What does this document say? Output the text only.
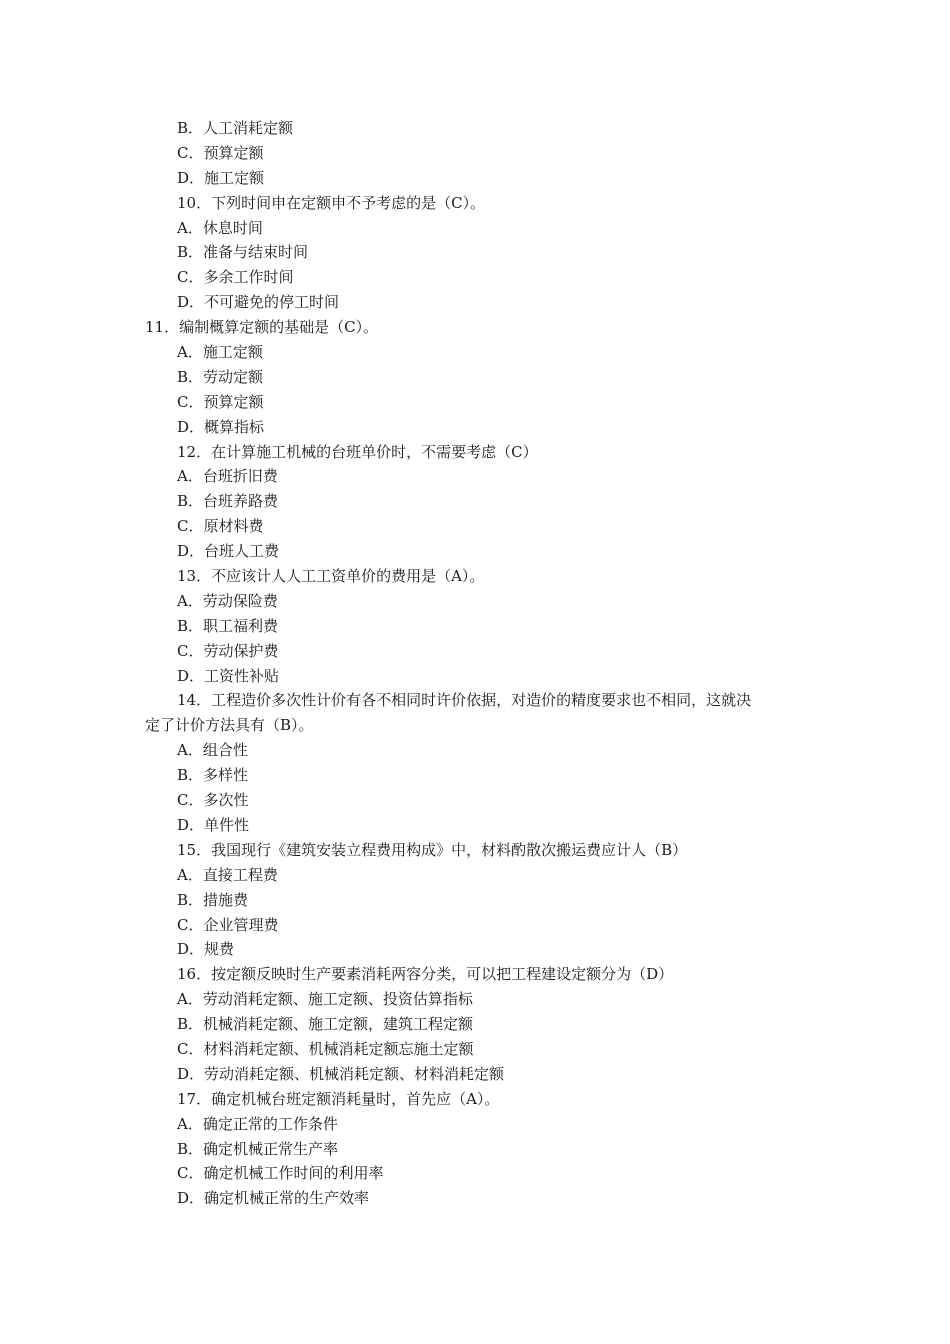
B．人工消耗定额
C．预算定额
D．施工定额
10．下列时间申在定额申不予考虑的是（C）。
A．休息时间
B．准备与结束时间
C．多余工作时间
D．不可避免的停工时间
11．编制概算定额的基础是（C）。
A．施工定额
B．劳动定额
C．预算定额
D．概算指标
12．在计算施工机械的台班单价时，不需要考虑（C）
A．台班折旧费
B．台班养路费
C．原材料费
D．台班人工费
13．不应该计人人工工资单价的费用是（A）。
A．劳动保险费
B．职工福利费
C．劳动保护费
D．工资性补贴
14．工程造价多次性计价有各不相同时许价依据，对造价的精度要求也不相同，这就决
定了计价方法具有（B）。
A．组合性
B．多样性
C．多次性
D．单件性
15．我国现行《建筑安装立程费用构成》中，材料酌散次搬运费应计人（B）
A．直接工程费
B．措施费
C．企业管理费
D．规费
16．按定额反映时生产要素消耗两容分类，可以把工程建设定额分为（D）
A．劳动消耗定额、施工定额、投资估算指标
B．机械消耗定额、施工定额，建筑工程定额
C．材料消耗定额、机械消耗定额忘施土定额
D．劳动消耗定额、机械消耗定额、材料消耗定额
17．确定机械台班定额消耗量时，首先应（A）。
A．确定正常的工作条件
B．确定机械正常生产率
C．确定机械工作时间的利用率
D．确定机械正常的生产效率
